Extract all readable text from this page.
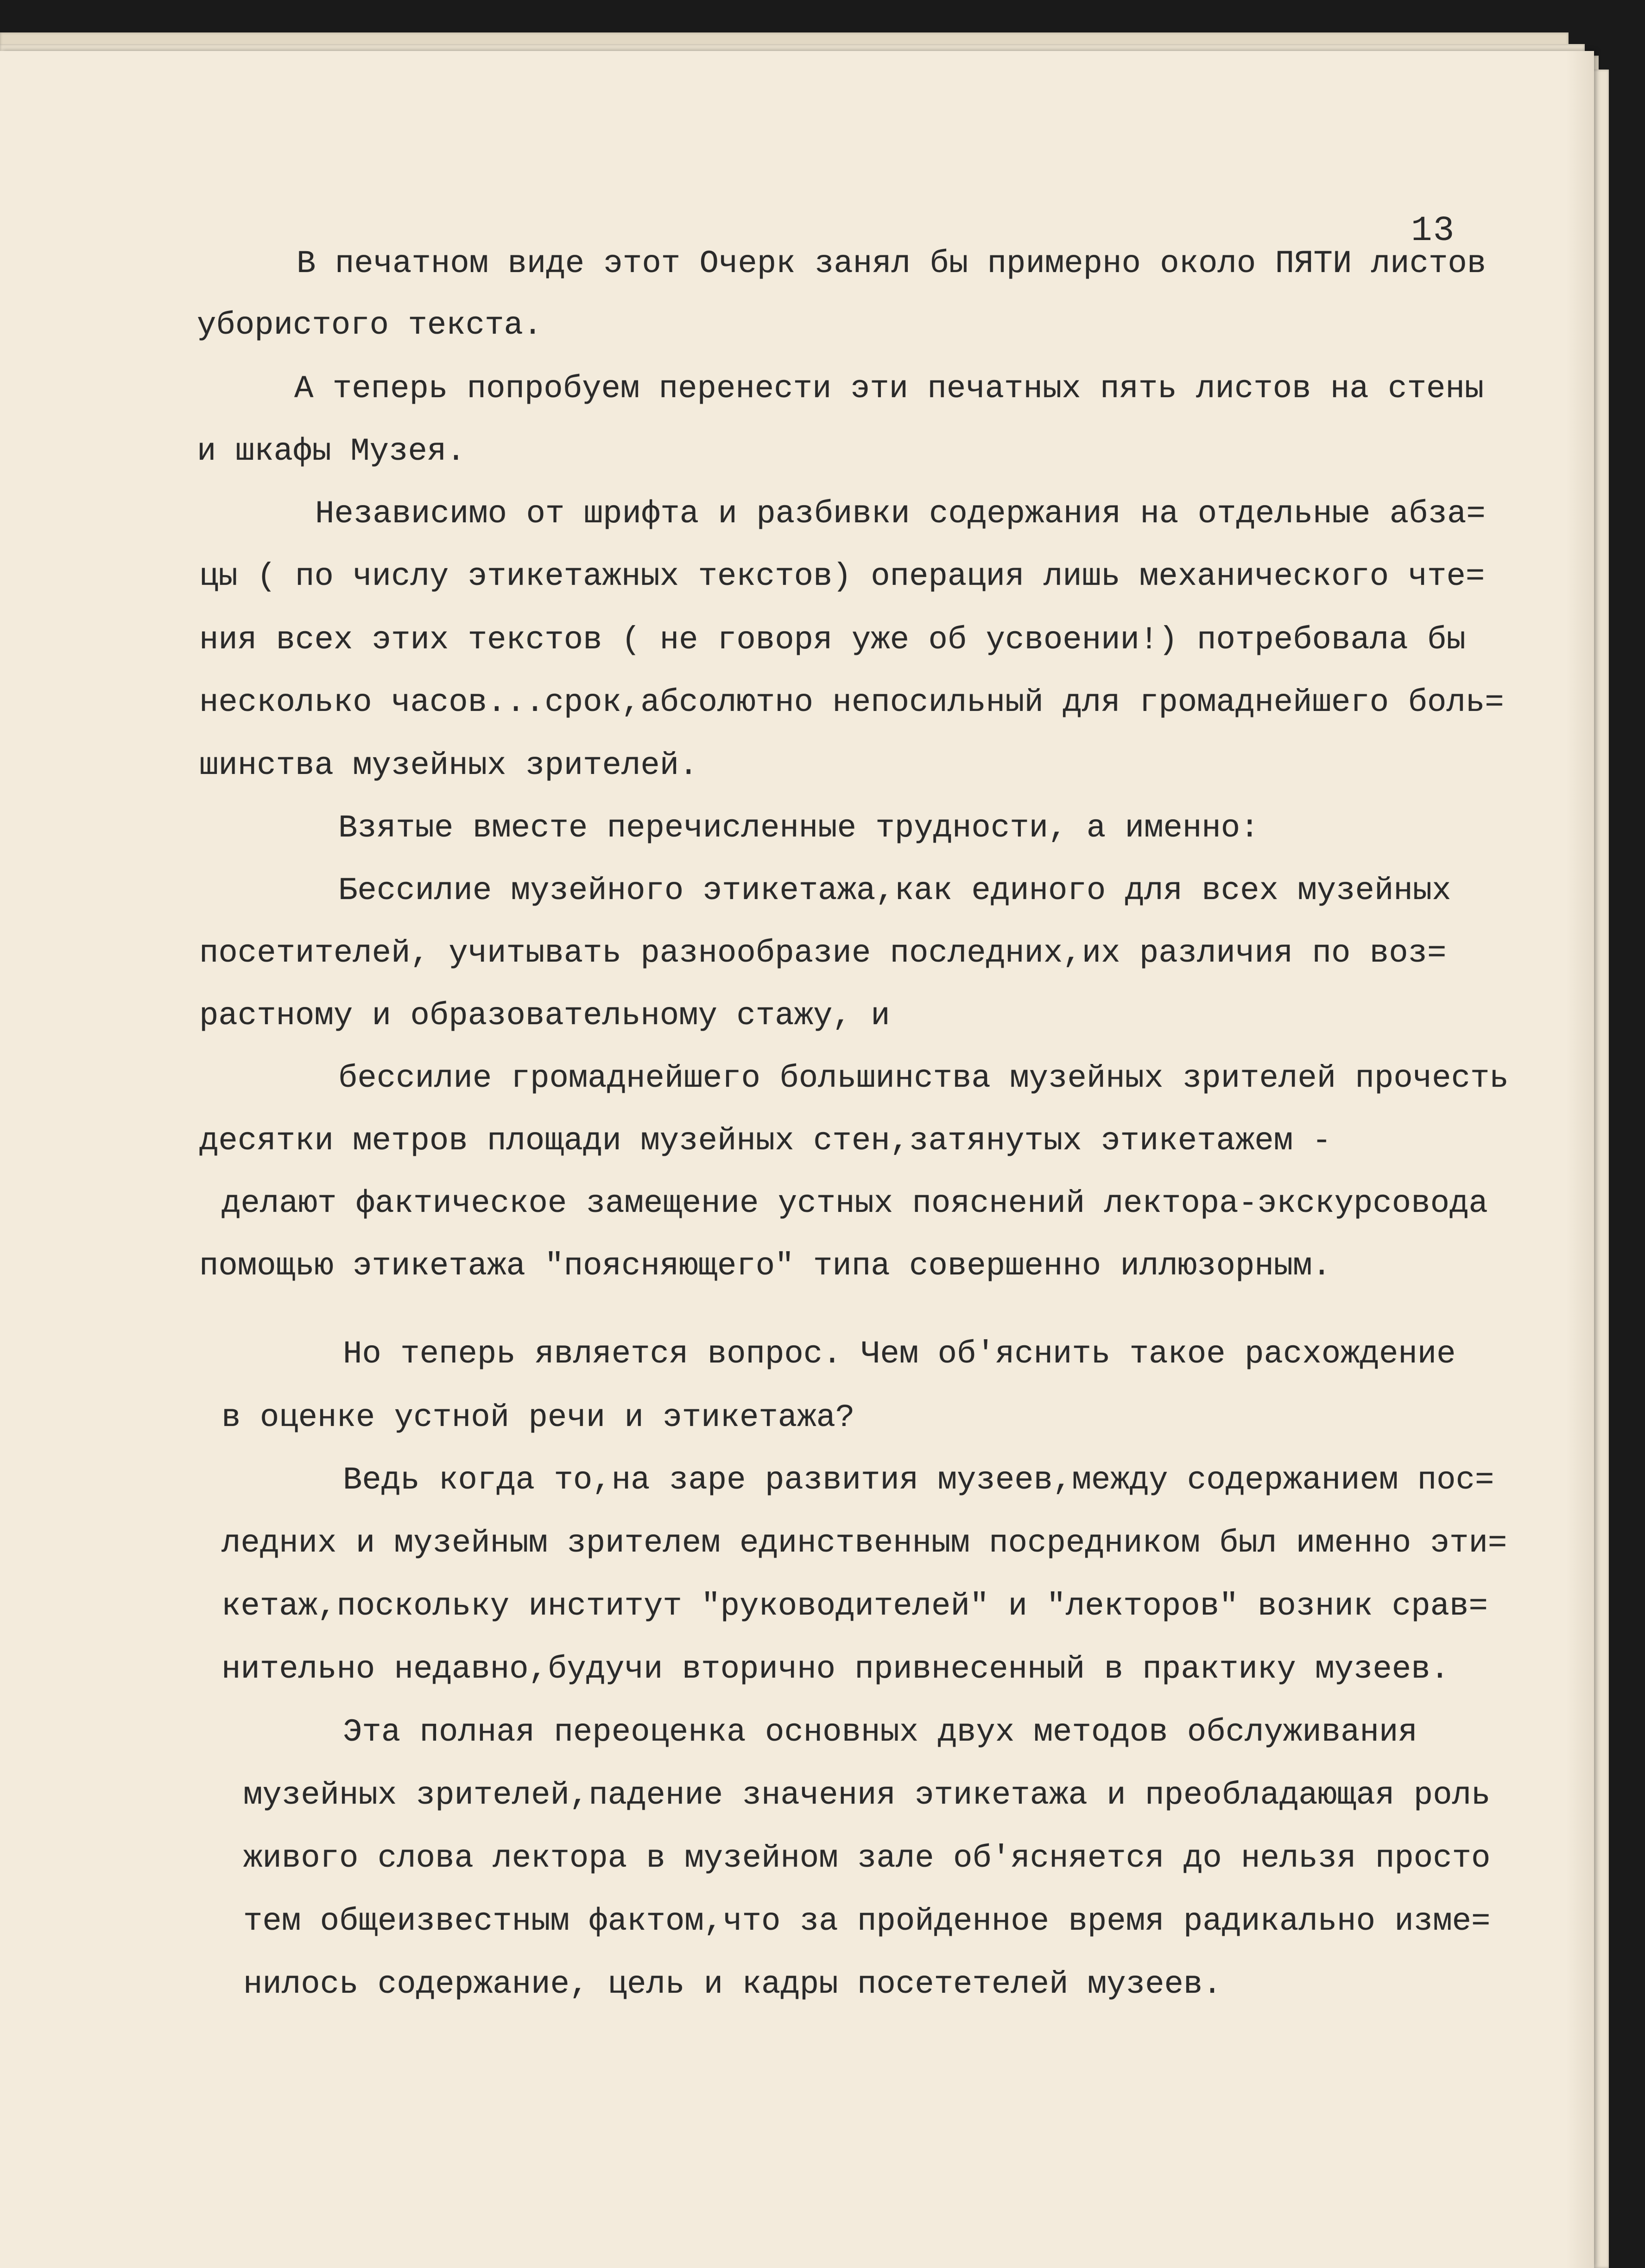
13
В печатном виде этот Очерк занял бы примерно около ПЯТИ листов
убористого текста.
А теперь попробуем перенести эти печатных пять листов на стены
и шкафы Музея.
Независимо от шрифта и разбивки содержания на отдельные абза=
цы ( по числу этикетажных текстов) операция лишь механического чте=
ния всех этих текстов ( не говоря уже об усвоении!) потребовала бы
несколько часов...срок,абсолютно непосильный для громаднейшего боль=
шинства музейных зрителей.
Взятые вместе перечисленные трудности, а именно:
Бессилие музейного этикетажа,как единого для всех музейных
посетителей, учитывать разнообразие последних,их различия по воз=
растному и образовательному стажу, и
бессилие громаднейшего большинства музейных зрителей прочесть
десятки метров площади музейных стен,затянутых этикетажем -
делают фактическое замещение устных пояснений лектора-экскурсовода
помощью этикетажа "поясняющего" типа совершенно иллюзорным.
Но теперь является вопрос. Чем об'яснить такое расхождение
в оценке устной речи и этикетажа?
Ведь когда то,на заре развития музеев,между содержанием пос=
ледних и музейным зрителем единственным посредником был именно эти=
кетаж,поскольку институт "руководителей" и "лекторов" возник срав=
нительно недавно,будучи вторично привнесенный в практику музеев.
Эта полная переоценка основных двух методов обслуживания
музейных зрителей,падение значения этикетажа и преобладающая роль
живого слова лектора в музейном зале об'ясняется до нельзя просто
тем общеизвестным фактом,что за пройденное время радикально изме=
нилось содержание, цель и кадры посететелей музеев.
